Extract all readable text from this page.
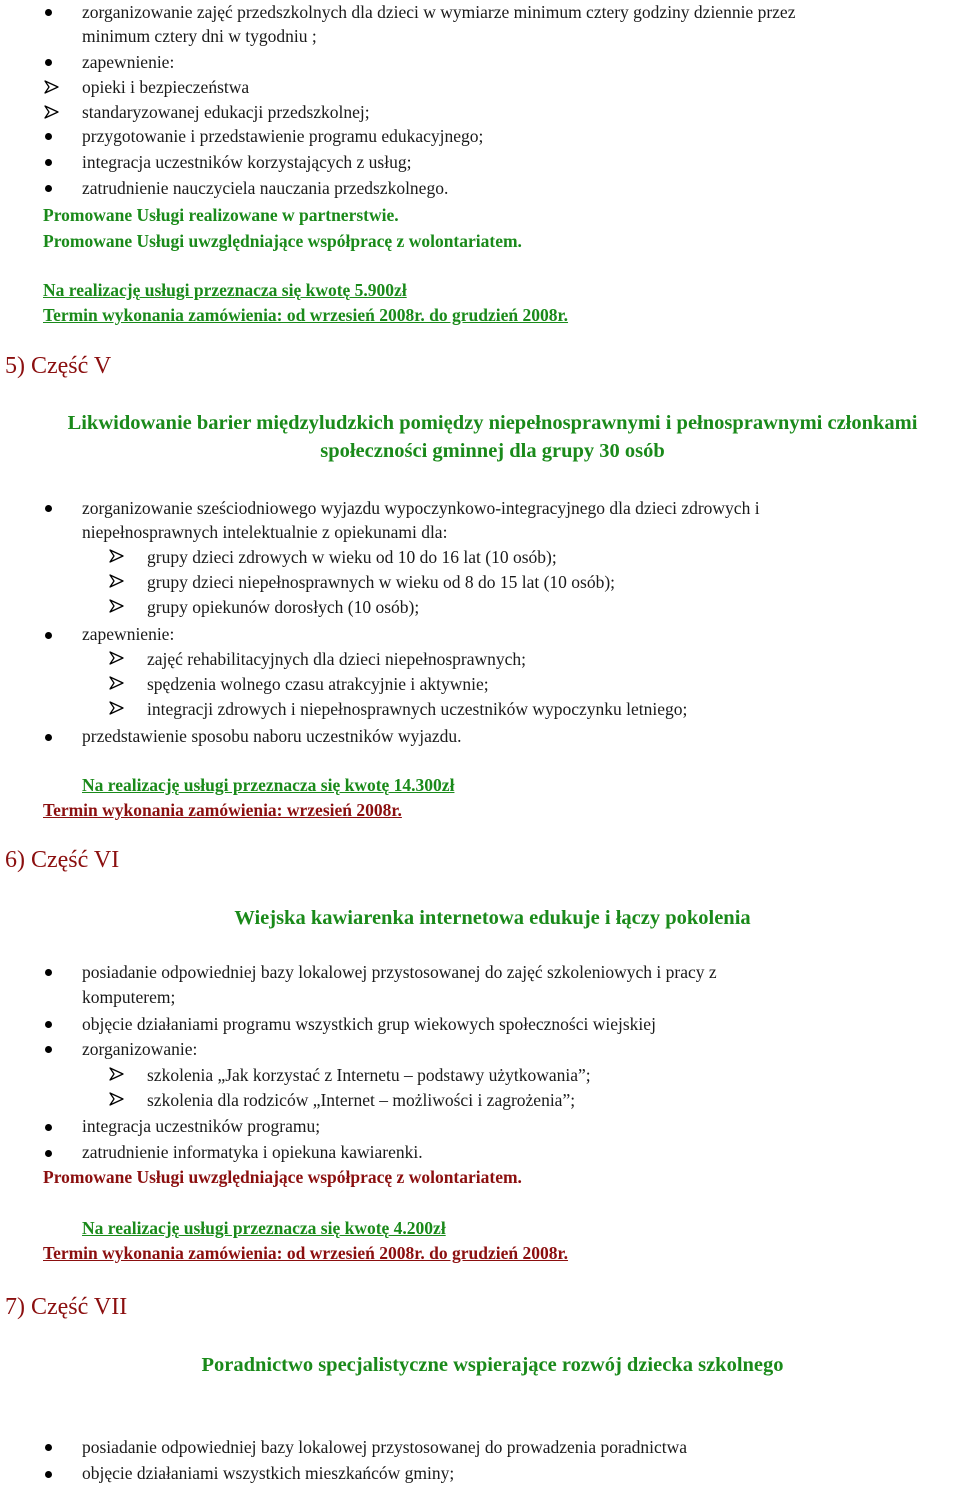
zorganizowanie zajęć przedszkolnych dla dzieci w wymiarze minimum cztery godziny dziennie przez
minimum cztery dni w tygodniu ;
zapewnienie:
opieki i bezpieczeństwa
standaryzowanej edukacji przedszkolnej;
przygotowanie i przedstawienie programu edukacyjnego;
integracja uczestników korzystających z usług;
zatrudnienie nauczyciela nauczania przedszkolnego.
Promowane Usługi realizowane w partnerstwie.
Promowane Usługi uwzględniające współpracę z wolontariatem.
Na realizację usługi przeznacza się kwotę 5.900zł
Termin wykonania zamówienia: od wrzesień 2008r. do grudzień 2008r.
5) Część V
Likwidowanie barier międzyludzkich pomiędzy niepełnosprawnymi i pełnosprawnymi członkami społeczności gminnej dla grupy 30 osób
zorganizowanie sześciodniowego wyjazdu wypoczynkowo-integracyjnego dla dzieci zdrowych i
niepełnosprawnych intelektualnie z opiekunami dla:
grupy dzieci zdrowych w wieku od 10 do 16 lat (10 osób);
grupy dzieci niepełnosprawnych w wieku od 8 do 15 lat (10 osób);
grupy opiekunów dorosłych (10 osób);
zapewnienie:
zajęć rehabilitacyjnych dla dzieci niepełnosprawnych;
spędzenia wolnego czasu atrakcyjnie i aktywnie;
integracji zdrowych i niepełnosprawnych uczestników wypoczynku letniego;
przedstawienie sposobu naboru uczestników wyjazdu.
Na realizację usługi przeznacza się kwotę 14.300zł
Termin wykonania zamówienia: wrzesień 2008r.
6) Część VI
Wiejska kawiarenka internetowa edukuje i łączy pokolenia
posiadanie odpowiedniej bazy lokalowej przystosowanej do zajęć szkoleniowych i pracy z
komputerem;
objęcie działaniami programu wszystkich grup wiekowych społeczności wiejskiej
zorganizowanie:
szkolenia „Jak korzystać z Internetu – podstawy użytkowania”;
szkolenia dla rodziców „Internet – możliwości i zagrożenia”;
integracja uczestników programu;
zatrudnienie informatyka i opiekuna kawiarenki.
Promowane Usługi uwzględniające współpracę z wolontariatem.
Na realizację usługi przeznacza się kwotę 4.200zł
Termin wykonania zamówienia: od wrzesień 2008r. do grudzień 2008r.
7) Część VII
Poradnictwo specjalistyczne wspierające rozwój dziecka szkolnego
posiadanie odpowiedniej bazy lokalowej przystosowanej do prowadzenia poradnictwa
objęcie działaniami wszystkich mieszkańców gminy;
